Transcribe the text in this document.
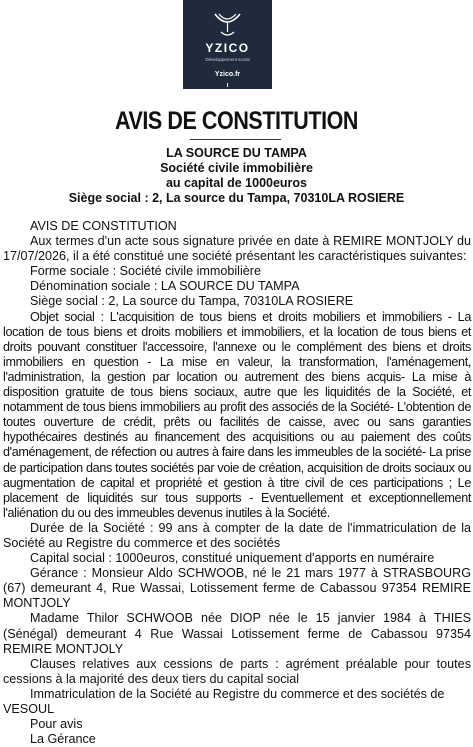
YZICO
Développement social
Yzico.fr
AVIS DE CONSTITUTION
LA SOURCE DU TAMPA
Société civile immobilière
au capital de 1000euros
Siège social : 2, La source du Tampa, 70310LA ROSIERE

AVIS DE CONSTITUTION

Aux termes d'un acte sous signature privée en date à REMIRE MONTJOLY du 17/07/2026, il a été constitué une société présentant les caractéristiques suivantes:

Forme sociale : Société civile immobilière

Dénomination sociale : LA SOURCE DU TAMPA

Siège social : 2, La source du Tampa, 70310LA ROSIERE

Objet social : L'acquisition de tous biens et droits mobiliers et immobiliers - La location de tous biens et droits mobiliers et immobiliers, et la location de tous biens et droits pouvant constituer l'accessoire, l'annexe ou le complément des biens et droits immobiliers en question - La mise en valeur, la transformation, l'aménagement, l'administration, la gestion par location ou autrement des biens acquis- La mise à disposition gratuite de tous biens sociaux, autre que les liquidités de la Société, et notamment de tous biens immobiliers au profit des associés de la Société- L'obtention de toutes ouverture de crédit, prêts ou facilités de caisse, avec ou sans garanties hypothécaires destinés au financement des acquisitions ou au paiement des coûts d'aménagement, de réfection ou autres à faire dans les immeubles de la société- La prise de participation dans toutes sociétés par voie de création, acquisition de droits sociaux ou augmentation de capital et propriété et gestion à titre civil de ces participations ; Le placement de liquidités sur tous supports - Eventuellement et exceptionnellement l'aliénation du ou des immeubles devenus inutiles à la Société.

Durée de la Société : 99 ans à compter de la date de l'immatriculation de la Société au Registre du commerce et des sociétés

Capital social : 1000euros, constitué uniquement d'apports en numéraire

Gérance : Monsieur Aldo SCHWOOB, né le 21 mars 1977 à STRASBOURG (67) demeurant 4, Rue Wassai, Lotissement ferme de Cabassou 97354 REMIRE MONTJOLY

Madame Thilor SCHWOOB née DIOP née le 15 janvier 1984 à THIES (Sénégal) demeurant 4 Rue Wassai Lotissement ferme de Cabassou 97354 REMIRE MONTJOLY

Clauses relatives aux cessions de parts : agrément préalable pour toutes cessions à la majorité des deux tiers du capital social

Immatriculation de la Société au Registre du commerce et des sociétés de VESOUL

Pour avis

La Gérance
